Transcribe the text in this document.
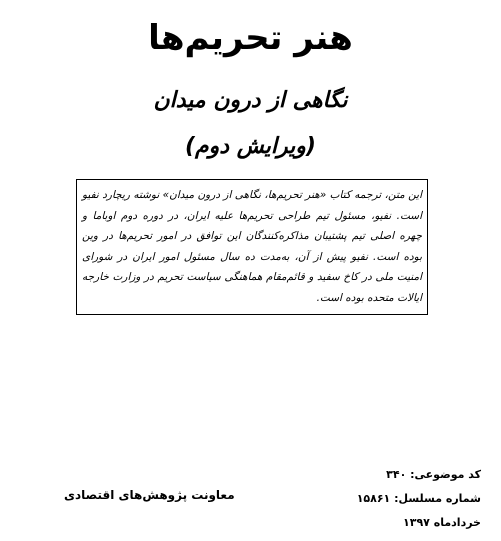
هنر تحریم‌ها
نگاهی از درون میدان
(ویرایش دوم)

این متن، ترجمه کتاب «هنر تحریم‌ها، نگاهی از درون میدان» نوشته ریچارد نفیو است. نفیو، مسئول تیم طراحی تحریم‌ها علیه ایران، در دوره دوم اوباما و چهره اصلی تیم پشتیبان مذاکره‌کنندگان این توافق در امور تحریم‌ها در وین بوده است. نفیو پیش از آن، به‌مدت ده سال مسئول امور ایران در شورای امنیت ملی در کاخ سفید و قائم‌مقام هماهنگی سیاست تحریم در وزارت خارجه ایالات متحده بوده است.

کد موضوعی: ۳۴۰
شماره مسلسل: ۱۵۸۶۱
خردادماه ۱۳۹۷
معاونت پژوهش‌های اقتصادی
